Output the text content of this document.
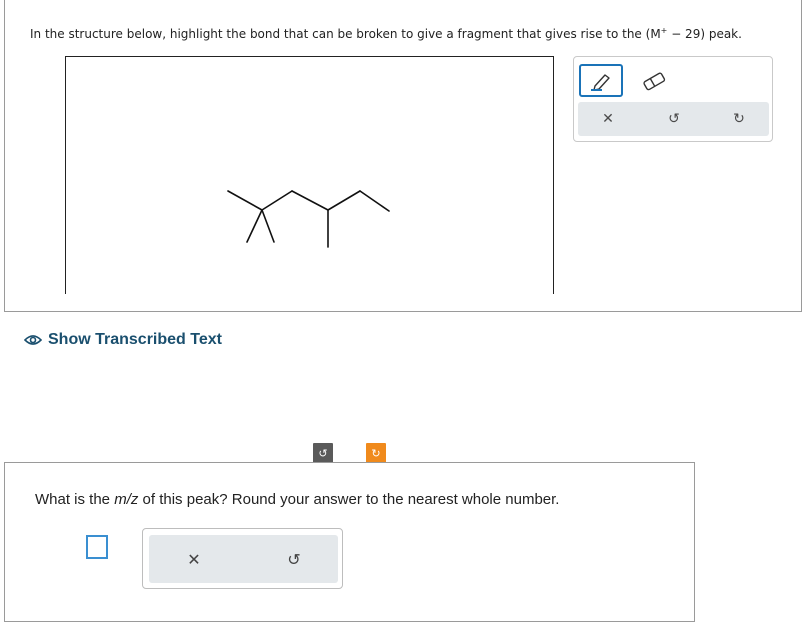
In the structure below, highlight the bond that can be broken to give a fragment that gives rise to the (M+ − 29) peak.
✕	↺	↻
Show Transcribed Text
↺	↻
What is the m/z of this peak? Round your answer to the nearest whole number.
✕	↺
